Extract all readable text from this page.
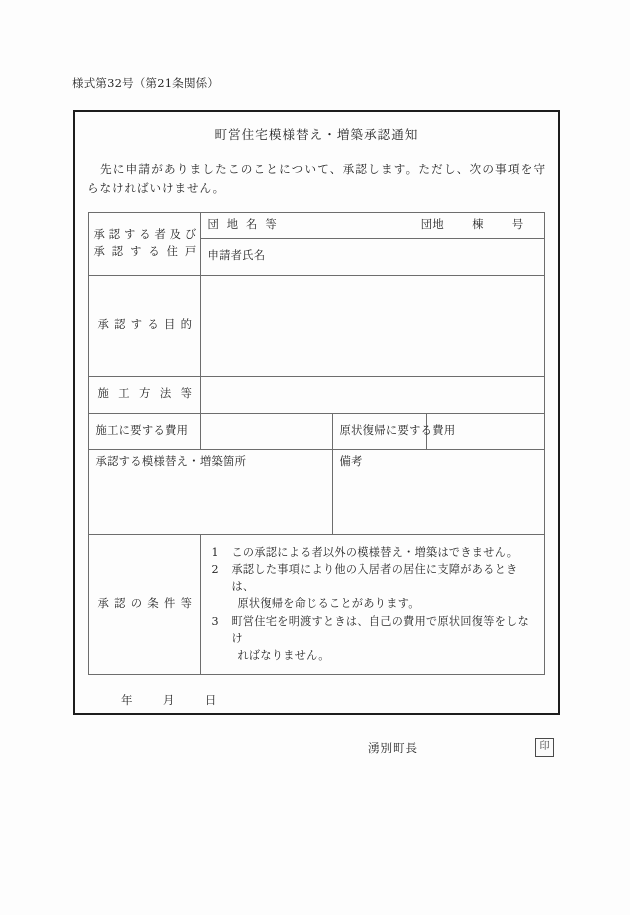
様式第32号（第21条関係）
町営住宅模様替え・増築承認通知
先に申請がありましたこのことについて、承認します。ただし、次の事項を守らなければいけません。
承認する者及び
承認する住戸

団 地 名 等	団地 棟 号

	申請者氏名		
承認する目的			
施工方法等			
施工に要する費用		原状復帰に要する費用	

承認する模様替え・増築箇所		備考	

承認の条件等	
1	この承認による者以外の模様替え・増築はできません。
2	承認した事項により他の入居者の居住に支障があるときは、
原状復帰を命じることがあります。
3	町営住宅を明渡すときは、自己の費用で原状回復等をしなけ
ればなりません。
年	月	日
湧別町長	印
